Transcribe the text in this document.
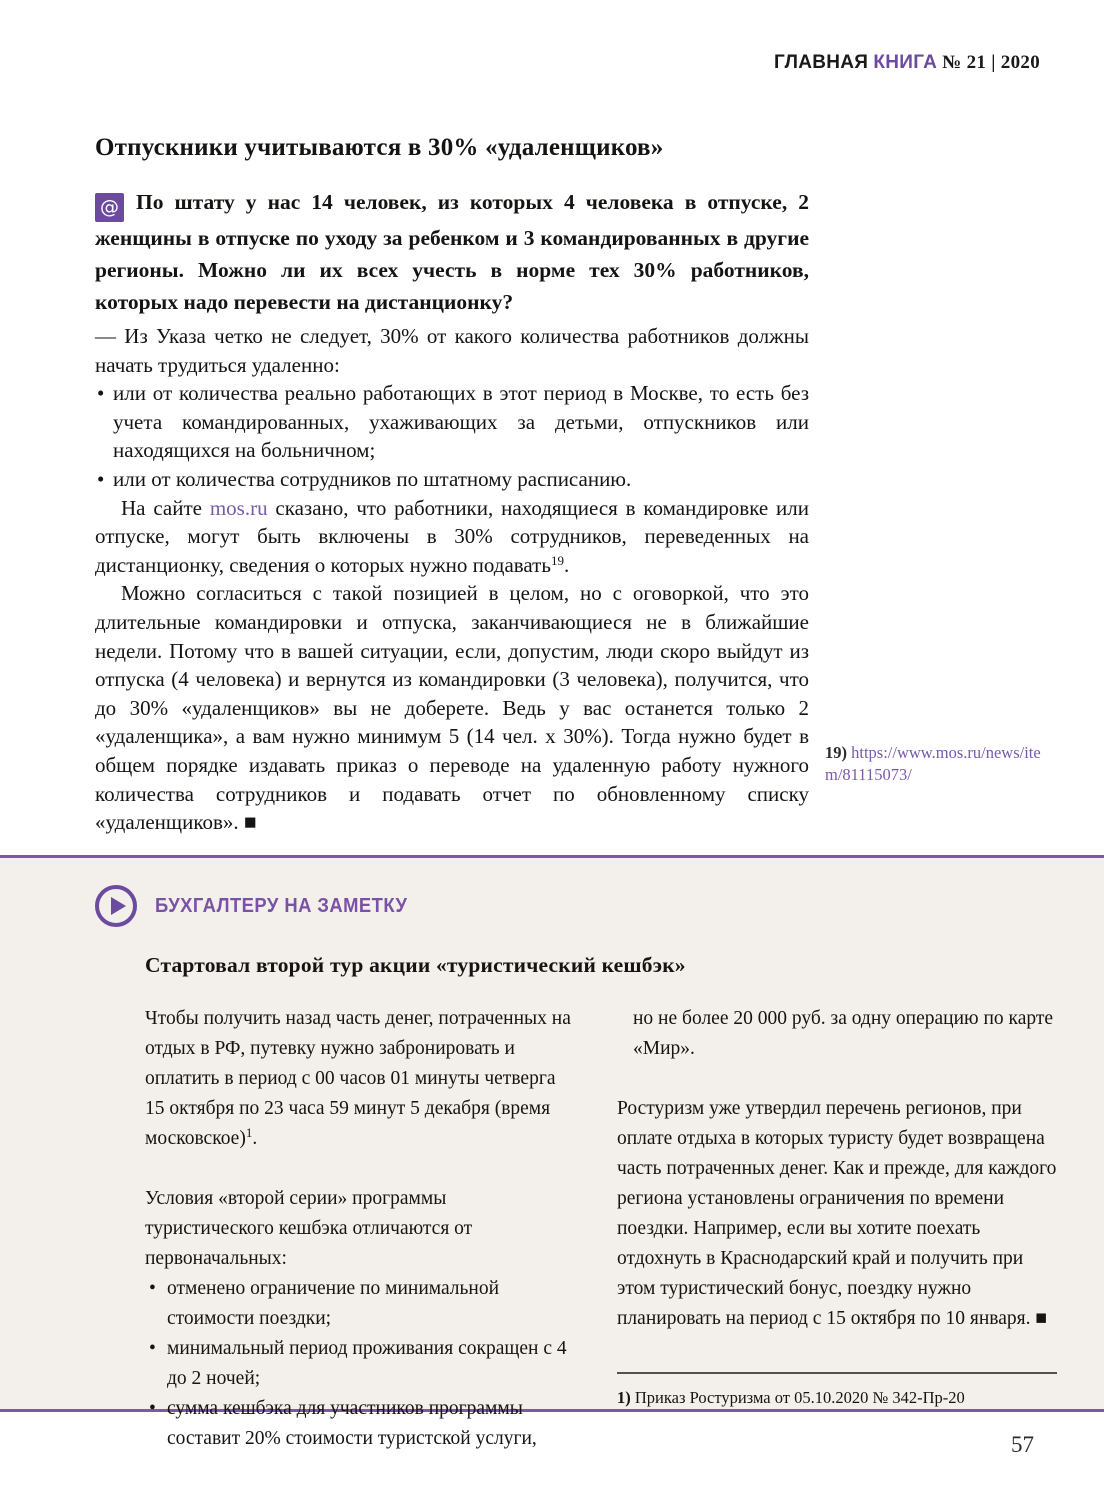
ГЛАВНАЯ КНИГА № 21 | 2020
Отпускники учитываются в 30% «удаленщиков»

@ По штату у нас 14 человек, из которых 4 человека в отпуске, 2 женщины в отпуске по уходу за ребенком и 3 командированных в другие регионы. Можно ли их всех учесть в норме тех 30% работников, которых надо перевести на дистанционку?

— Из Указа четко не следует, 30% от какого количества работников должны начать трудиться удаленно:

• или от количества реально работающих в этот период в Москве, то есть без учета командированных, ухаживающих за детьми, отпускников или находящихся на больничном;
• или от количества сотрудников по штатному расписанию.

На сайте mos.ru сказано, что работники, находящиеся в командировке или отпуске, могут быть включены в 30% сотрудников, переведенных на дистанционку, сведения о которых нужно подавать$^{19}$.

Можно согласиться с такой позицией в целом, но с оговоркой, что это длительные командировки и отпуска, заканчивающиеся не в ближайшие недели. Потому что в вашей ситуации, если, допустим, люди скоро выйдут из отпуска (4 человека) и вернутся из командировки (3 человека), получится, что до 30% «удаленщиков» вы не доберете. Ведь у вас останется только 2 «удаленщика», а вам нужно минимум 5 (14 чел. х 30%). Тогда нужно будет в общем порядке издавать приказ о переводе на удаленную работу нужного количества сотрудников и подавать отчет по обновленному списку «удаленщиков». ■

19) https://www.mos.ru/news/item/81115073/
БУХГАЛТЕРУ НА ЗАМЕТКУ
Стартовал второй тур акции «туристический кешбэк»

Чтобы получить назад часть денег, потраченных на отдых в РФ, путевку нужно забронировать и оплатить в период с 00 часов 01 минуты четверга 15 октября по 23 часа 59 минут 5 декабря (время московское)$^1$.

Условия «второй серии» программы туристического кешбэка отличаются от первоначальных:

• отменено ограничение по минимальной стоимости поездки;
• минимальный период проживания сокращен с 4 до 2 ночей;
• сумма кешбэка для участников программы составит 20% стоимости туристской услуги,

но не более 20 000 руб. за одну операцию по карте «Мир».

Ростуризм уже утвердил перечень регионов, при оплате отдыха в которых туристу будет возвращена часть потраченных денег. Как и прежде, для каждого региона установлены ограничения по времени поездки. Например, если вы хотите поехать отдохнуть в Краснодарский край и получить при этом туристический бонус, поездку нужно планировать на период с 15 октября по 10 января. ■

1) Приказ Ростуризма от 05.10.2020 № 342-Пр-20
57
